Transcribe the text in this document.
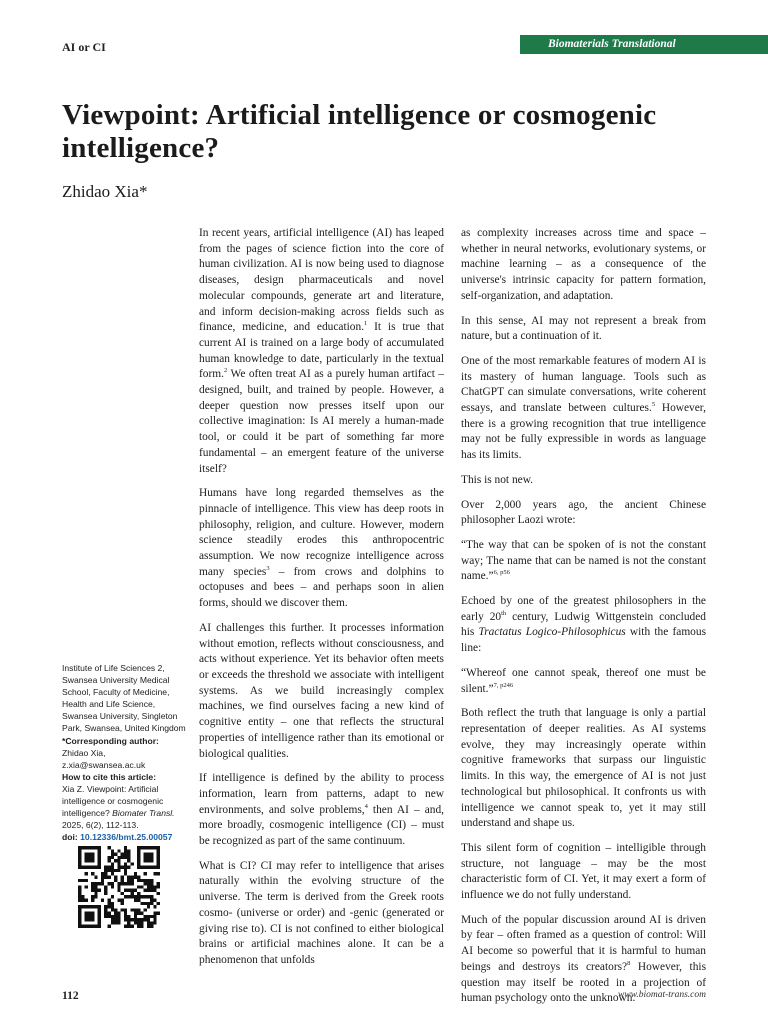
AI or CI	Biomaterials Translational
Viewpoint: Artificial intelligence or cosmogenic intelligence?
Zhidao Xia*

Institute of Life Sciences 2, Swansea University Medical School, Faculty of Medicine, Health and Life Science, Swansea University, Singleton Park, Swansea, United Kingdom

*Corresponding author:

Zhidao Xia,

z.xia@swansea.ac.uk

How to cite this article:

Xia Z. Viewpoint: Artificial intelligence or cosmogenic intelligence? Biomater Transl.

2025, 6(2), 112-113.

doi: 10.12336/bmt.25.00057

In recent years, artificial intelligence (AI) has leaped from the pages of science fiction into the core of human civilization. AI is now being used to diagnose diseases, design pharmaceuticals and novel molecular compounds, generate art and literature, and inform decision-making across fields such as finance, medicine, and education.$^1$ It is true that current AI is trained on a large body of accumulated human knowledge to date, particularly in the textual form.$^2$ We often treat AI as a purely human artifact – designed, built, and trained by people. However, a deeper question now presses itself upon our collective imagination: Is AI merely a human-made tool, or could it be part of something far more fundamental – an emergent feature of the universe itself?

Humans have long regarded themselves as the pinnacle of intelligence. This view has deep roots in philosophy, religion, and culture. However, modern science steadily erodes this anthropocentric assumption. We now recognize intelligence across many species$^3$ – from crows and dolphins to octopuses and bees – and perhaps soon in alien forms, should we discover them.

AI challenges this further. It processes information without emotion, reflects without consciousness, and acts without experience. Yet its behavior often meets or exceeds the threshold we associate with intelligent systems. As we build increasingly complex machines, we find ourselves facing a new kind of cognitive entity – one that reflects the structural properties of intelligence rather than its emotional or biological qualities.

If intelligence is defined by the ability to process information, learn from patterns, adapt to new environments, and solve problems,$^4$ then AI – and, more broadly, cosmogenic intelligence (CI) – must be recognized as part of the same continuum.

What is CI? CI may refer to intelligence that arises naturally within the evolving structure of the universe. The term is derived from the Greek roots cosmo- (universe or order) and -genic (generated or giving rise to). CI is not confined to either biological brains or artificial machines alone. It can be a phenomenon that unfolds

as complexity increases across time and space – whether in neural networks, evolutionary systems, or machine learning – as a consequence of the universe's intrinsic capacity for pattern formation, self-organization, and adaptation.

In this sense, AI may not represent a break from nature, but a continuation of it.

One of the most remarkable features of modern AI is its mastery of human language. Tools such as ChatGPT can simulate conversations, write coherent essays, and translate between cultures.$^5$ However, there is a growing recognition that true intelligence may not be fully expressible in words as language has its limits.

This is not new.

Over 2,000 years ago, the ancient Chinese philosopher Laozi wrote:

“The way that can be spoken of is not the constant way; The name that can be named is not the constant name.”$^{6, p56}$

Echoed by one of the greatest philosophers in the early 20th century, Ludwig Wittgenstein concluded his Tractatus Logico-Philosophicus with the famous line:

“Whereof one cannot speak, thereof one must be silent.”$^{7, p246}$

Both reflect the truth that language is only a partial representation of deeper realities. As AI systems evolve, they may increasingly operate within cognitive frameworks that surpass our linguistic limits. In this way, the emergence of AI is not just technological but philosophical. It confronts us with intelligence we cannot speak to, yet it may still understand and shape us.

This silent form of cognition – intelligible through structure, not language – may be the most characteristic form of CI. Yet, it may exert a form of influence we do not fully understand.

Much of the popular discussion around AI is driven by fear – often framed as a question of control: Will AI become so powerful that it is harmful to human beings and destroys its creators?$^8$ However, this question may itself be rooted in a projection of human psychology onto the unknown.

112	www.biomat-trans.com
